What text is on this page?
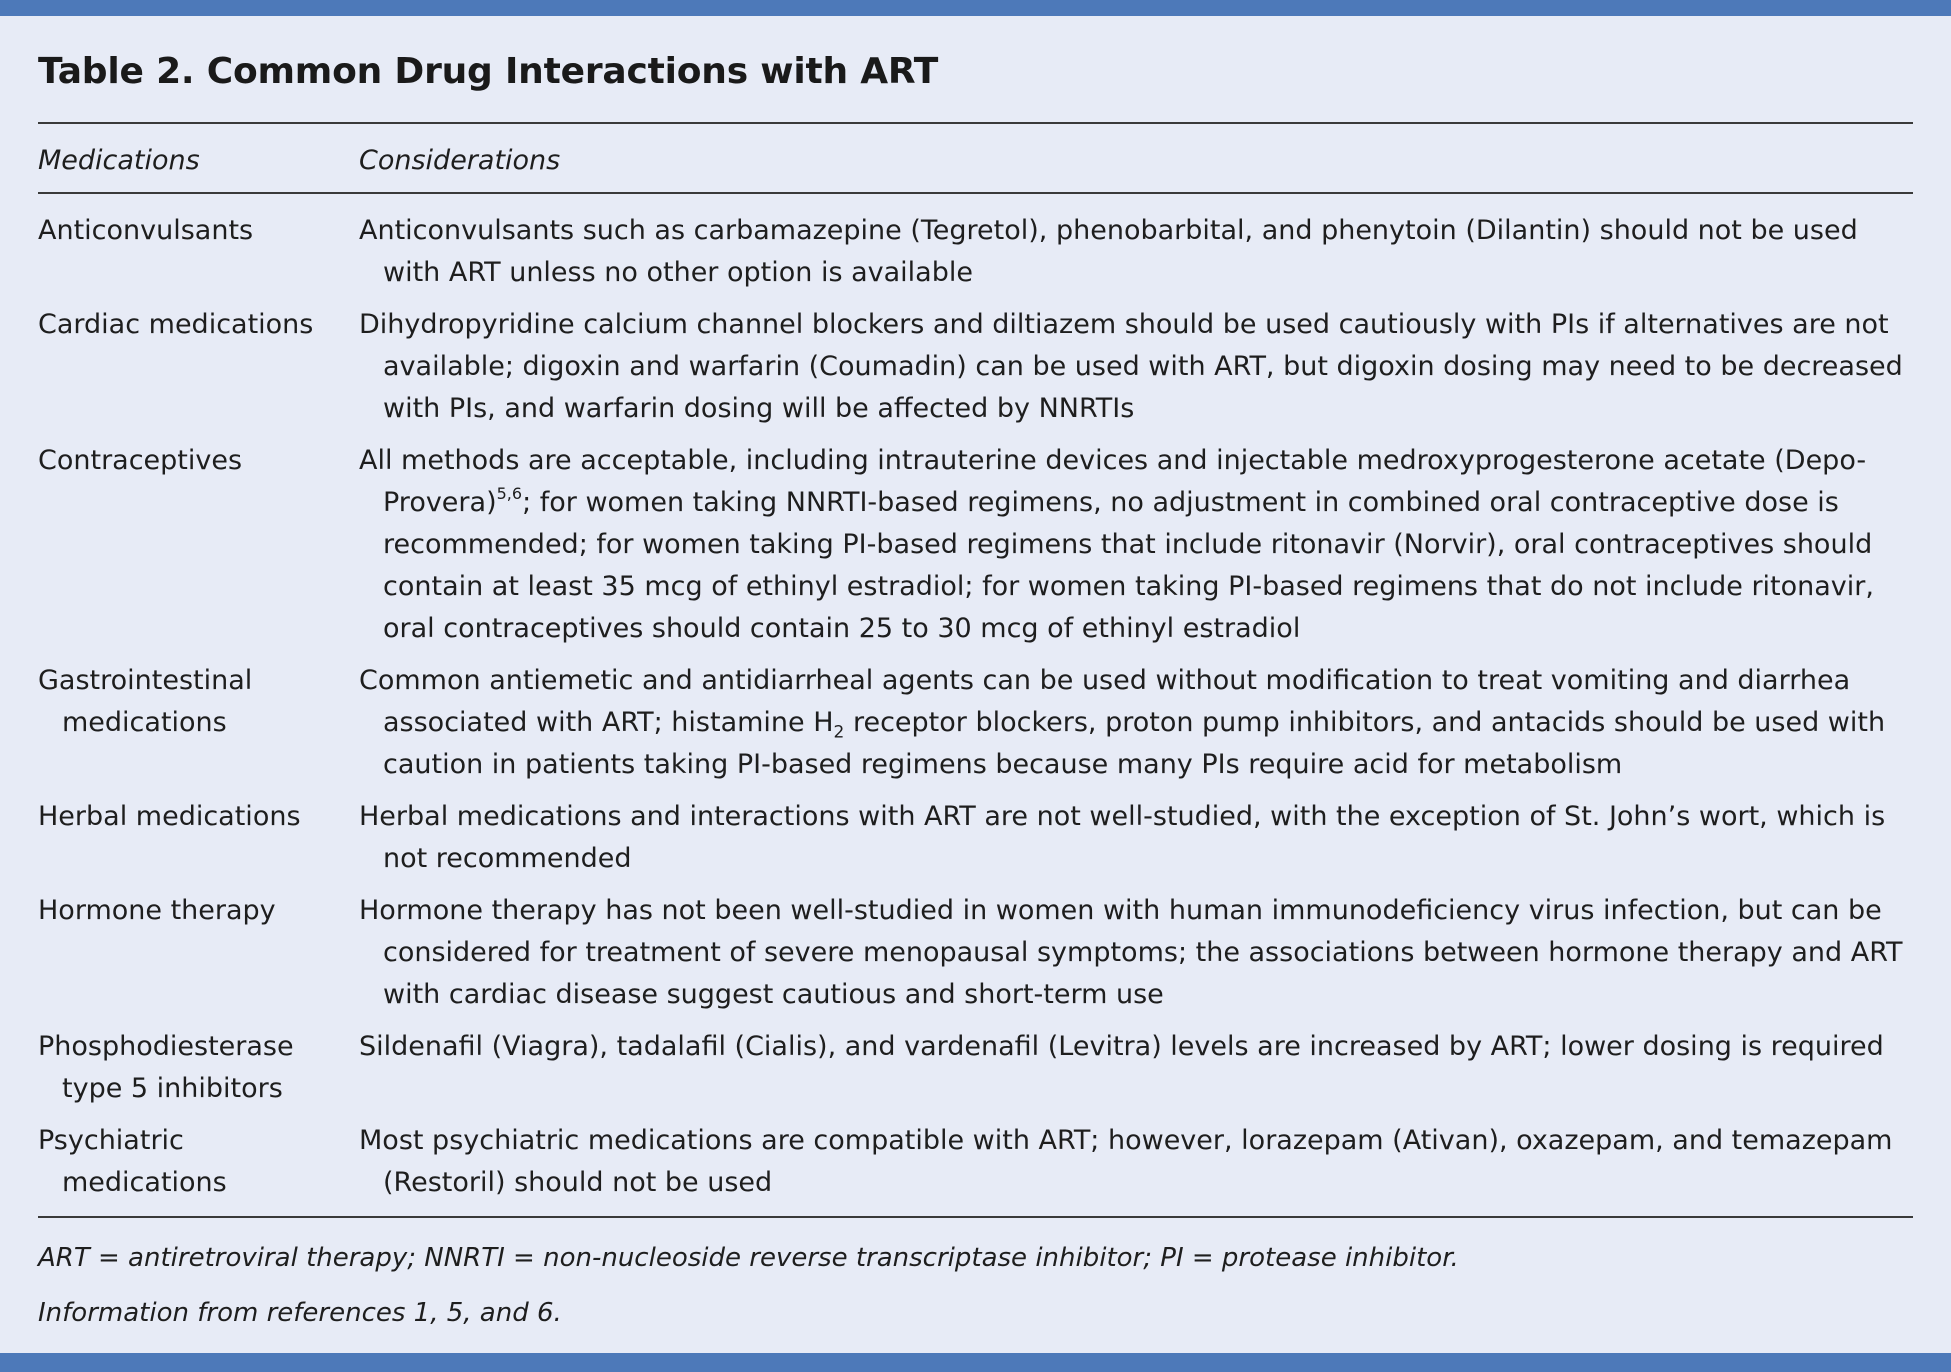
Table 2. Common Drug Interactions with ART
Medications	Considerations

Anticonvulsants	Anticonvulsants such as carbamazepine (Tegretol), phenobarbital, and phenytoin (Dilantin) should not be used with ART unless no other option is available

Cardiac medications	Dihydropyridine calcium channel blockers and diltiazem should be used cautiously with PIs if alternatives are not available; digoxin and warfarin (Coumadin) can be used with ART, but digoxin dosing may need to be decreased with PIs, and warfarin dosing will be affected by NNRTIs

Contraceptives	All methods are acceptable, including intrauterine devices and injectable medroxyprogesterone acetate (Depo-Provera)$^{5,6}$; for women taking NNRTI-based regimens, no adjustment in combined oral contraceptive dose is recommended; for women taking PI-based regimens that include ritonavir (Norvir), oral contraceptives should contain at least 35 mcg of ethinyl estradiol; for women taking PI-based regimens that do not include ritonavir, oral contraceptives should contain 25 to 30 mcg of ethinyl estradiol

Gastrointestinal medications	Common antiemetic and antidiarrheal agents can be used without modification to treat vomiting and diarrhea associated with ART; histamine $H_2$ receptor blockers, proton pump inhibitors, and antacids should be used with caution in patients taking PI-based regimens because many PIs require acid for metabolism

Herbal medications	Herbal medications and interactions with ART are not well-studied, with the exception of St. John’s wort, which is not recommended

Hormone therapy	Hormone therapy has not been well-studied in women with human immunodeficiency virus infection, but can be considered for treatment of severe menopausal symptoms; the associations between hormone therapy and ART with cardiac disease suggest cautious and short-term use

Phosphodiesterase type 5 inhibitors	Sildenafil (Viagra), tadalafil (Cialis), and vardenafil (Levitra) levels are increased by ART; lower dosing is required

Psychiatric medications	Most psychiatric medications are compatible with ART; however, lorazepam (Ativan), oxazepam, and temazepam (Restoril) should not be used

ART = antiretroviral therapy; NNRTI = non-nucleoside reverse transcriptase inhibitor; PI = protease inhibitor.

Information from references 1, 5, and 6.
